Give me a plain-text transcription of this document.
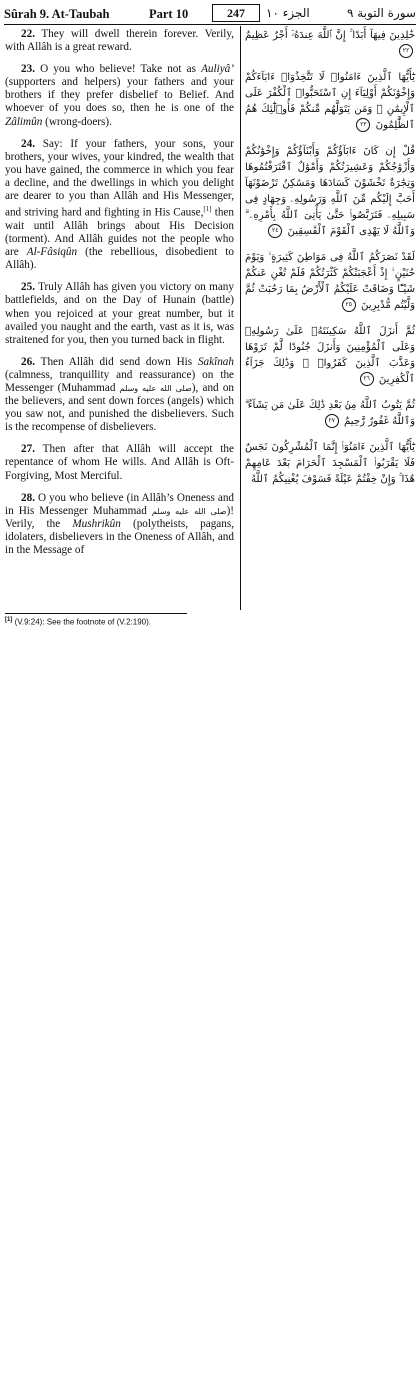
Sûrah 9. At-Taubah	Part 10	247	الجزء ١٠	سورة التوبة ٩

22. They will dwell therein forever. Verily, with Allâh is a great reward.

23. O you who believe! Take not as Auliyâ’ (supporters and helpers) your fathers and your brothers if they prefer disbelief to Belief. And whoever of you does so, then he is one of the Zâlimûn (wrong-doers).

24. Say: If your fathers, your sons, your brothers, your wives, your kindred, the wealth that you have gained, the commerce in which you fear a decline, and the dwellings in which you delight are dearer to you than Allâh and His Messenger, and striving hard and fighting in His Cause,[1] then wait until Allâh brings about His Decision (torment). And Allâh guides not the people who are Al-Fâsiqûn (the rebellious, disobedient to Allâh).

25. Truly Allâh has given you victory on many battlefields, and on the Day of Hunain (battle) when you rejoiced at your great number, but it availed you naught and the earth, vast as it is, was straitened for you, then you turned back in flight.

26. Then Allâh did send down His Sakînah (calmness, tranquillity and reassurance) on the Messenger (Muhammad صلى الله عليه وسلم), and on the believers, and sent down forces (angels) which you saw not, and punished the disbelievers. Such is the recompense of disbelievers.

27. Then after that Allâh will accept the repentance of whom He wills. And Allâh is Oft-Forgiving, Most Merciful.

28. O you who believe (in Allâh’s Oneness and in His Messenger Muhammad صلى الله عليه وسلم)! Verily, the Mushrikûn (polytheists, pagans, idolaters, disbelievers in the Oneness of Allâh, and in the Message of

خَٰلِدِينَ فِيهَآ أَبَدًا ۚ إِنَّ ٱللَّهَ عِندَهُۥٓ أَجْرٌ عَظِيمٌ ٢٢
يَٰٓأَيُّهَا ٱلَّذِينَ ءَامَنُوا۟ لَا تَتَّخِذُوٓا۟ ءَابَآءَكُمْ وَإِخْوَٰنَكُمْ أَوْلِيَآءَ إِنِ ٱسْتَحَبُّوا۟ ٱلْكُفْرَ عَلَى ٱلْإِيمَٰنِ ۚ وَمَن يَتَوَلَّهُم مِّنكُمْ فَأُو۟لَٰٓئِكَ هُمُ ٱلظَّٰلِمُونَ ٢٣
قُلْ إِن كَانَ ءَابَآؤُكُمْ وَأَبْنَآؤُكُمْ وَإِخْوَٰنُكُمْ وَأَزْوَٰجُكُمْ وَعَشِيرَتُكُمْ وَأَمْوَٰلٌ ٱقْتَرَفْتُمُوهَا وَتِجَٰرَةٌ تَخْشَوْنَ كَسَادَهَا وَمَسَٰكِنُ تَرْضَوْنَهَآ أَحَبَّ إِلَيْكُم مِّنَ ٱللَّهِ وَرَسُولِهِۦ وَجِهَادٍ فِى سَبِيلِهِۦ فَتَرَبَّصُوا۟ حَتَّىٰ يَأْتِىَ ٱللَّهُ بِأَمْرِهِۦ ۗ وَٱللَّهُ لَا يَهْدِى ٱلْقَوْمَ ٱلْفَٰسِقِينَ ٢٤
لَقَدْ نَصَرَكُمُ ٱللَّهُ فِى مَوَاطِنَ كَثِيرَةٍ ۙ وَيَوْمَ حُنَيْنٍ ۙ إِذْ أَعْجَبَتْكُمْ كَثْرَتُكُمْ فَلَمْ تُغْنِ عَنكُمْ شَيْـًٔا وَضَاقَتْ عَلَيْكُمُ ٱلْأَرْضُ بِمَا رَحُبَتْ ثُمَّ وَلَّيْتُم مُّدْبِرِينَ ٢٥
ثُمَّ أَنزَلَ ٱللَّهُ سَكِينَتَهُۥ عَلَىٰ رَسُولِهِۦ وَعَلَى ٱلْمُؤْمِنِينَ وَأَنزَلَ جُنُودًا لَّمْ تَرَوْهَا وَعَذَّبَ ٱلَّذِينَ كَفَرُوا۟ ۚ وَذَٰلِكَ جَزَآءُ ٱلْكَٰفِرِينَ ٢٦
ثُمَّ يَتُوبُ ٱللَّهُ مِنۢ بَعْدِ ذَٰلِكَ عَلَىٰ مَن يَشَآءُ ۗ وَٱللَّهُ غَفُورٌ رَّحِيمٌ ٢٧
يَٰٓأَيُّهَا ٱلَّذِينَ ءَامَنُوٓا۟ إِنَّمَا ٱلْمُشْرِكُونَ نَجَسٌ فَلَا يَقْرَبُوا۟ ٱلْمَسْجِدَ ٱلْحَرَامَ بَعْدَ عَامِهِمْ هَٰذَا ۚ وَإِنْ خِفْتُمْ عَيْلَةً فَسَوْفَ يُغْنِيكُمُ ٱللَّهُ
[1] (V.9:24): See the footnote of (V.2:190).
